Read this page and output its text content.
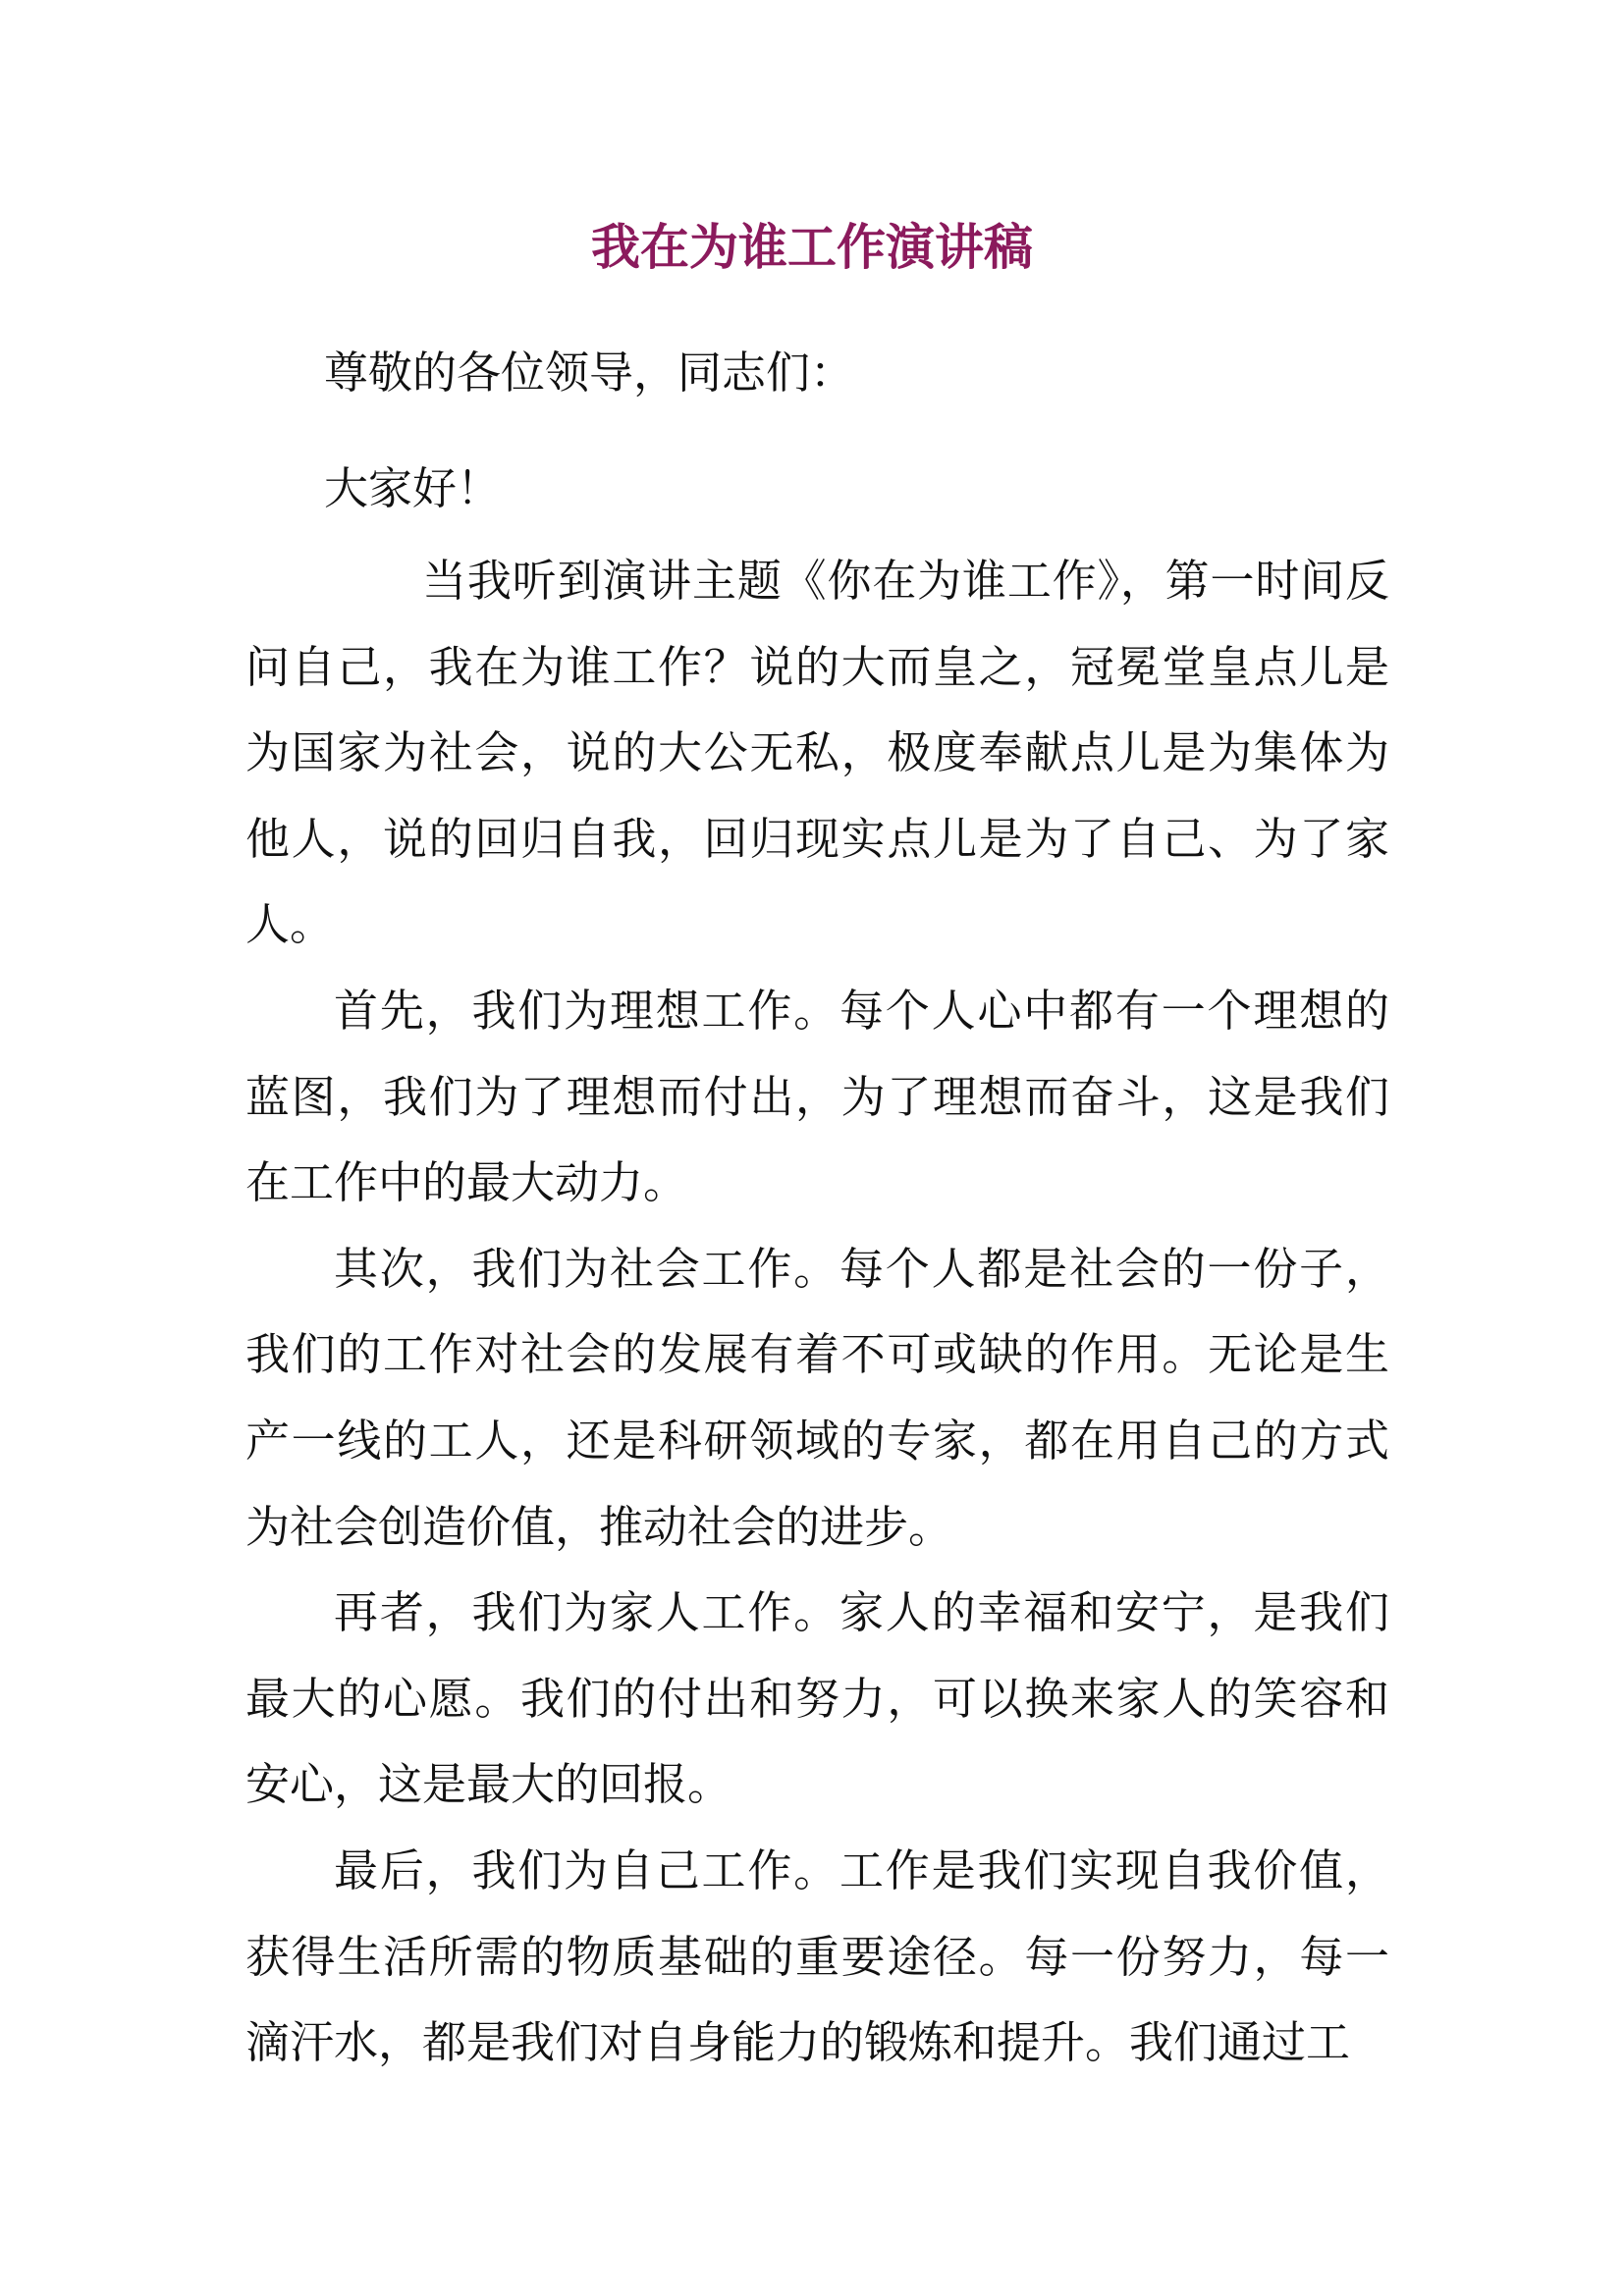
我在为谁工作演讲稿

尊敬的各位领导，同志们：

大家好！

当我听到演讲主题《你在为谁工作》，第一时间反问自己，我在为谁工作？说的大而皇之，冠冕堂皇点儿是为国家为社会，说的大公无私，极度奉献点儿是为集体为他人，说的回归自我，回归现实点儿是为了自己、为了家人。

首先，我们为理想工作。每个人心中都有一个理想的蓝图，我们为了理想而付出，为了理想而奋斗，这是我们在工作中的最大动力。

其次，我们为社会工作。每个人都是社会的一份子，我们的工作对社会的发展有着不可或缺的作用。无论是生产一线的工人，还是科研领域的专家，都在用自己的方式为社会创造价值，推动社会的进步。

再者，我们为家人工作。家人的幸福和安宁，是我们最大的心愿。我们的付出和努力，可以换来家人的笑容和安心，这是最大的回报。

最后，我们为自己工作。工作是我们实现自我价值，获得生活所需的物质基础的重要途径。每一份努力，每一滴汗水，都是我们对自身能力的锻炼和提升。我们通过工
